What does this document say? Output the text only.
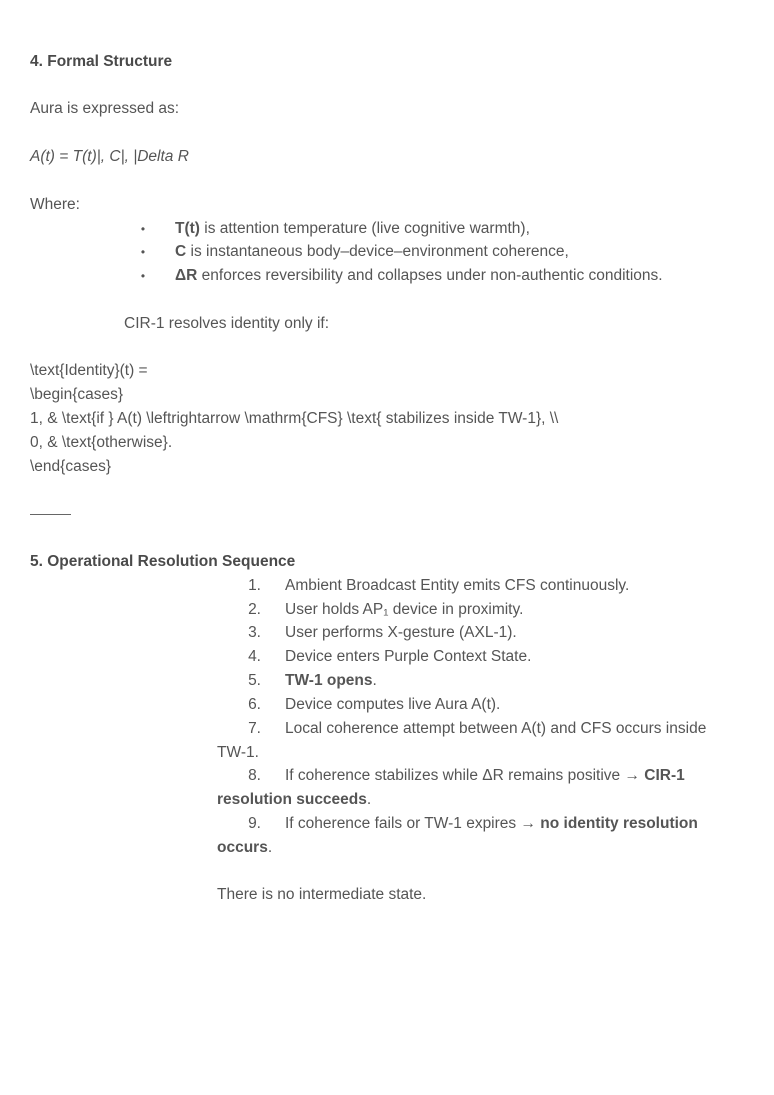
4. Formal Structure
Aura is expressed as:
A(t) = T(t)|, C|, |Delta R
Where:
• T(t) is attention temperature (live cognitive warmth),
• C is instantaneous body–device–environment coherence,
• ΔR enforces reversibility and collapses under non-authentic conditions.
CIR-1 resolves identity only if:
\text{Identity}(t) =
\begin{cases}
1, & \text{if } A(t) \leftrightarrow \mathrm{CFS} \text{ stabilizes inside TW-1}, \\
0, & \text{otherwise}.
\end{cases}
5. Operational Resolution Sequence
1. Ambient Broadcast Entity emits CFS continuously.
2. User holds AP₁ device in proximity.
3. User performs X-gesture (AXL-1).
4. Device enters Purple Context State.
5. TW-1 opens.
6. Device computes live Aura A(t).
7. Local coherence attempt between A(t) and CFS occurs inside
TW-1.
8. If coherence stabilizes while ΔR remains positive → CIR-1
resolution succeeds.
9. If coherence fails or TW-1 expires → no identity resolution
occurs.
There is no intermediate state.
